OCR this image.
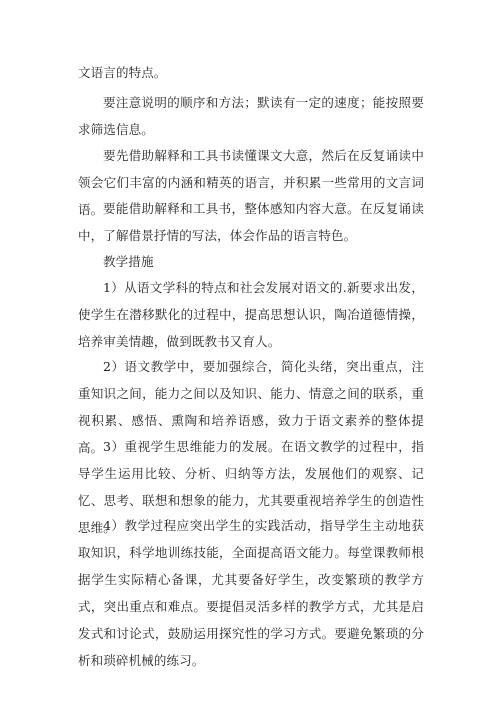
文语言的特点。

要注意说明的顺序和方法；默读有一定的速度；能按照要求筛选信息。

要先借助解释和工具书读懂课文大意，然后在反复诵读中领会它们丰富的内涵和精英的语言，并积累一些常用的文言词语。 要能借助解释和工具书，整体感知内容大意。在反复诵读中，了解借景抒情的写法，体会作品的语言特色。

教学措施

1）从语文学科的特点和社会发展对语文的.新要求出发，使学生在潜移默化的过程中，提高思想认识，陶冶道德情操，培养审美情趣，做到既教书又育人。

2）语文教学中，要加强综合，简化头绪，突出重点，注重知识之间，能力之间以及知识、能力、情意之间的联系，重视积累、感悟、熏陶和培养语感，致力于语文素养的整体提高。 3）重视学生思维能力的发展。在语文教学的过程中，指导学生运用比较、分析、归纳等方法，发展他们的观察、记忆、思考、联想和想象的能力，尤其要重视培养学生的创造性思维。

4）教学过程应突出学生的实践活动，指导学生主动地获取知识，科学地训练技能，全面提高语文能力。每堂课教师根据学生实际精心备课，尤其要备好学生，改变繁琐的教学方式，突出重点和难点。要提倡灵活多样的教学方式，尤其是启发式和讨论式，鼓励运用探究性的学习方式。要避免繁琐的分析和琐碎机械的练习。
